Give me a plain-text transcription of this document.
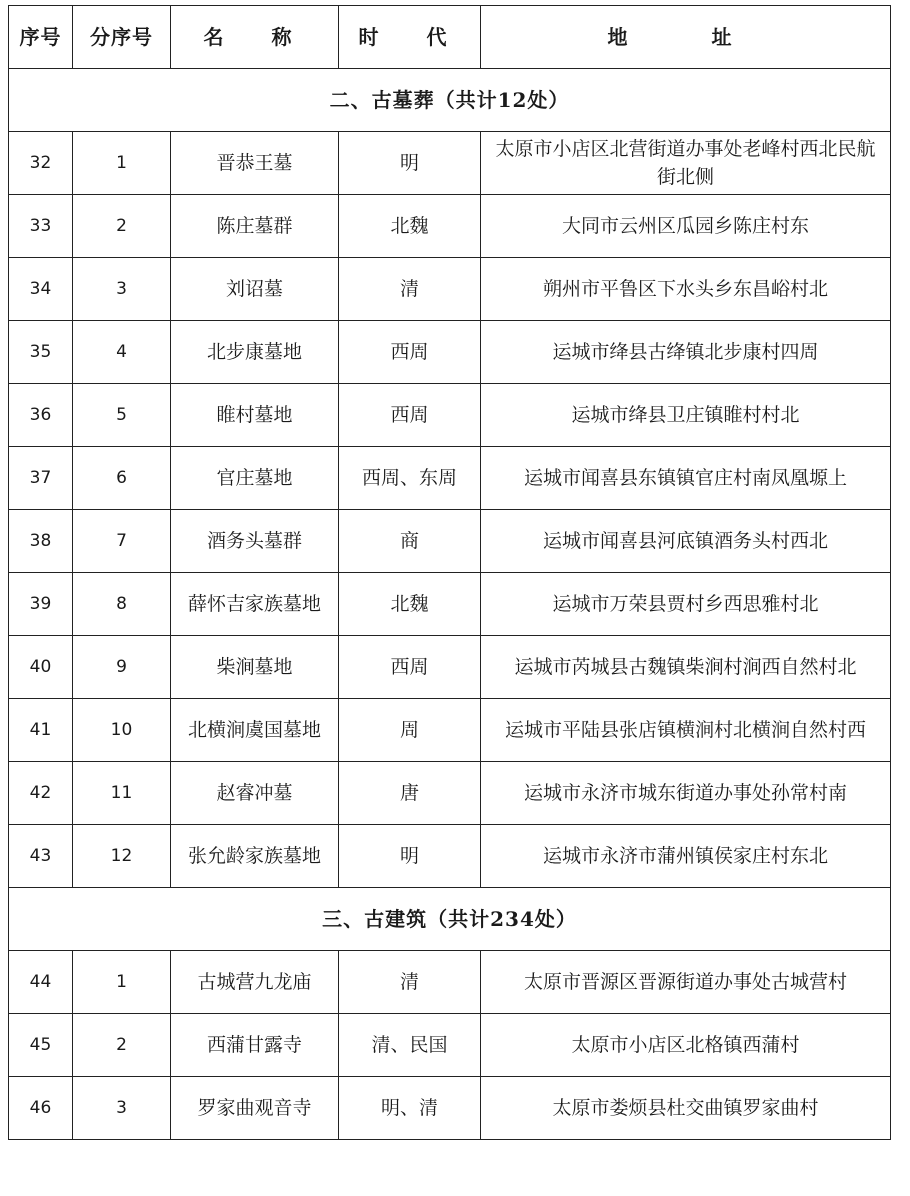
序号	分序号	名　称	时　代	地　址
二、古墓葬（共计12处）				
32	1	晋恭王墓	明	太原市小店区北营街道办事处老峰村西北民航街北侧
33	2	陈庄墓群	北魏	大同市云州区瓜园乡陈庄村东
34	3	刘诏墓	清	朔州市平鲁区下水头乡东昌峪村北
35	4	北步康墓地	西周	运城市绛县古绛镇北步康村四周
36	5	睢村墓地	西周	运城市绛县卫庄镇睢村村北
37	6	官庄墓地	西周、东周	运城市闻喜县东镇镇官庄村南凤凰塬上
38	7	酒务头墓群	商	运城市闻喜县河底镇酒务头村西北
39	8	薛怀吉家族墓地	北魏	运城市万荣县贾村乡西思雅村北
40	9	柴涧墓地	西周	运城市芮城县古魏镇柴涧村涧西自然村北
41	10	北横涧虞国墓地	周	运城市平陆县张店镇横涧村北横涧自然村西
42	11	赵睿冲墓	唐	运城市永济市城东街道办事处孙常村南
43	12	张允龄家族墓地	明	运城市永济市蒲州镇侯家庄村东北
三、古建筑（共计234处）				
44	1	古城营九龙庙	清	太原市晋源区晋源街道办事处古城营村
45	2	西蒲甘露寺	清、民国	太原市小店区北格镇西蒲村
46	3	罗家曲观音寺	明、清	太原市娄烦县杜交曲镇罗家曲村
